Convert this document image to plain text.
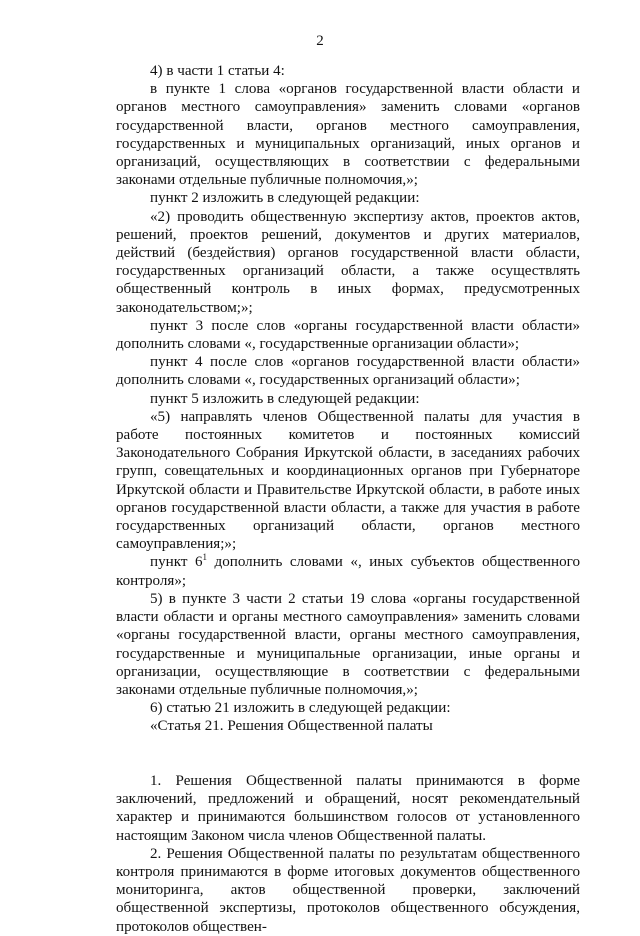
2

4) в части 1 статьи 4:

в пункте 1 слова «органов государственной власти области и органов местного самоуправления» заменить словами «органов государственной власти, органов местного самоуправления, государственных и муниципальных организаций, иных органов и организаций, осуществляющих в соответствии с федеральными законами отдельные публичные полномочия,»;

пункт 2 изложить в следующей редакции:

«2) проводить общественную экспертизу актов, проектов актов, решений, проектов решений, документов и других материалов, действий (бездействия) органов государственной власти области, государственных организаций области, а также осуществлять общественный контроль в иных формах, предусмотренных законодательством;»;

пункт 3 после слов «органы государственной власти области» дополнить словами «, государственные организации области»;

пункт 4 после слов «органов государственной власти области» дополнить словами «, государственных организаций области»;

пункт 5 изложить в следующей редакции:

«5) направлять членов Общественной палаты для участия в работе постоянных комитетов и постоянных комиссий Законодательного Собрания Иркутской области, в заседаниях рабочих групп, совещательных и координационных органов при Губернаторе Иркутской области и Правительстве Иркутской области, в работе иных органов государственной власти области, а также для участия в работе государственных организаций области, органов местного самоуправления;»;

пункт $6^1$ дополнить словами «, иных субъектов общественного контроля»;

5) в пункте 3 части 2 статьи 19 слова «органы государственной власти области и органы местного самоуправления» заменить словами «органы государственной власти, органы местного самоуправления, государственные и муниципальные организации, иные органы и организации, осуществляющие в соответствии с федеральными законами отдельные публичные полномочия,»;

6) статью 21 изложить в следующей редакции:

«Статья 21. Решения Общественной палаты

1. Решения Общественной палаты принимаются в форме заключений, предложений и обращений, носят рекомендательный характер и принимаются большинством голосов от установленного настоящим Законом числа членов Общественной палаты.

2. Решения Общественной палаты по результатам общественного контроля принимаются в форме итоговых документов общественного мониторинга, актов общественной проверки, заключений общественной экспертизы, протоколов общественного обсуждения, протоколов обществен-
